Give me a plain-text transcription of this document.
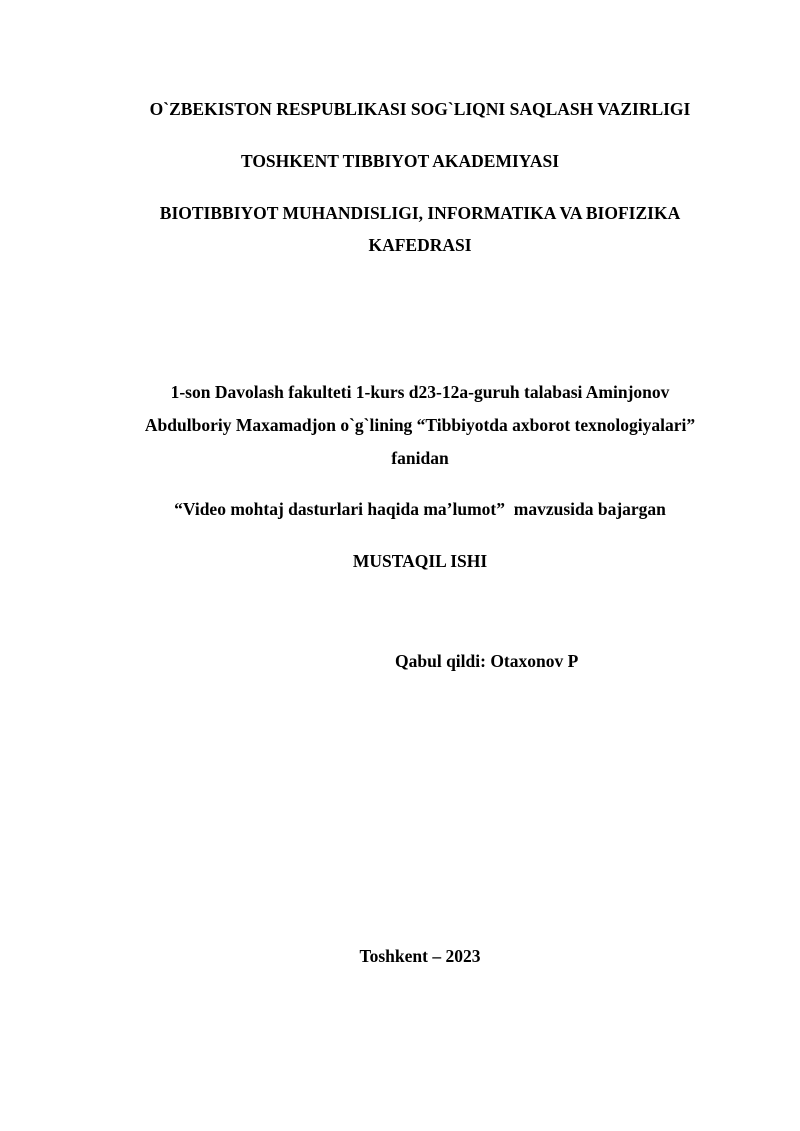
O`ZBEKISTON RESPUBLIKASI SOG`LIQNI SAQLASH VAZIRLIGI
TOSHKENT TIBBIYOT AKADEMIYASI
BIOTIBBIYOT MUHANDISLIGI, INFORMATIKA VA BIOFIZIKA
KAFEDRASI
1-son Davolash fakulteti 1-kurs d23-12a-guruh talabasi Aminjonov
Abdulboriy Maxamadjon o`g`lining “Tibbiyotda axborot texnologiyalari”
fanidan
“Video mohtaj dasturlari haqida ma’lumot”  mavzusida bajargan
MUSTAQIL ISHI
Qabul qildi: Otaxonov P
Toshkent – 2023
